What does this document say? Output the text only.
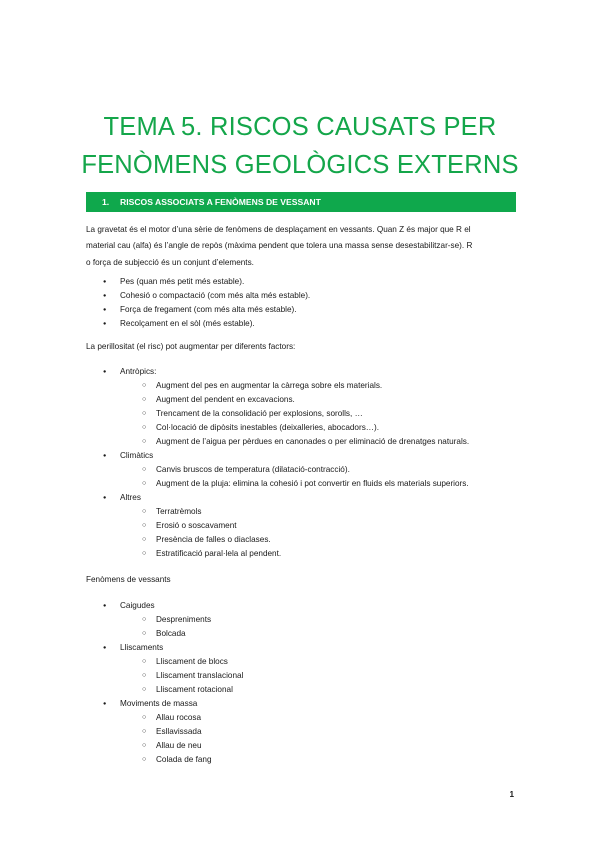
TEMA 5. RISCOS CAUSATS PER
FENÒMENS GEOLÒGICS EXTERNS
1. RISCOS ASSOCIATS A FENÒMENS DE VESSANT
La gravetat és el motor d’una sèrie de fenòmens de desplaçament en vessants. Quan Z és major que R el
material cau (alfa) és l’angle de repòs (màxima pendent que tolera una massa sense desestabilitzar-se). R
o força de subjecció és un conjunt d’elements.
● Pes (quan més petit més estable).
● Cohesió o compactació (com més alta més estable).
● Força de fregament (com més alta més estable).
● Recolçament en el sòl (més estable).
La perillositat (el risc) pot augmentar per diferents factors:
● Antròpics:
○ Augment del pes en augmentar la càrrega sobre els materials.
○ Augment del pendent en excavacions.
○ Trencament de la consolidació per explosions, sorolls, …
○ Col·locació de dipòsits inestables (deixalleries, abocadors…).
○ Augment de l’aigua per pèrdues en canonades o per eliminació de drenatges naturals.
● Climàtics
○ Canvis bruscos de temperatura (dilatació-contracció).
○ Augment de la pluja: elimina la cohesió i pot convertir en fluids els materials superiors.
● Altres
○ Terratrèmols
○ Erosió o soscavament
○ Presència de falles o diaclases.
○ Estratificació paral·lela al pendent.
Fenòmens de vessants
● Caigudes
○ Despreniments
○ Bolcada
● Lliscaments
○ Lliscament de blocs
○ Lliscament translacional
○ Lliscament rotacional
● Moviments de massa
○ Allau rocosa
○ Esllavissada
○ Allau de neu
○ Colada de fang
1
